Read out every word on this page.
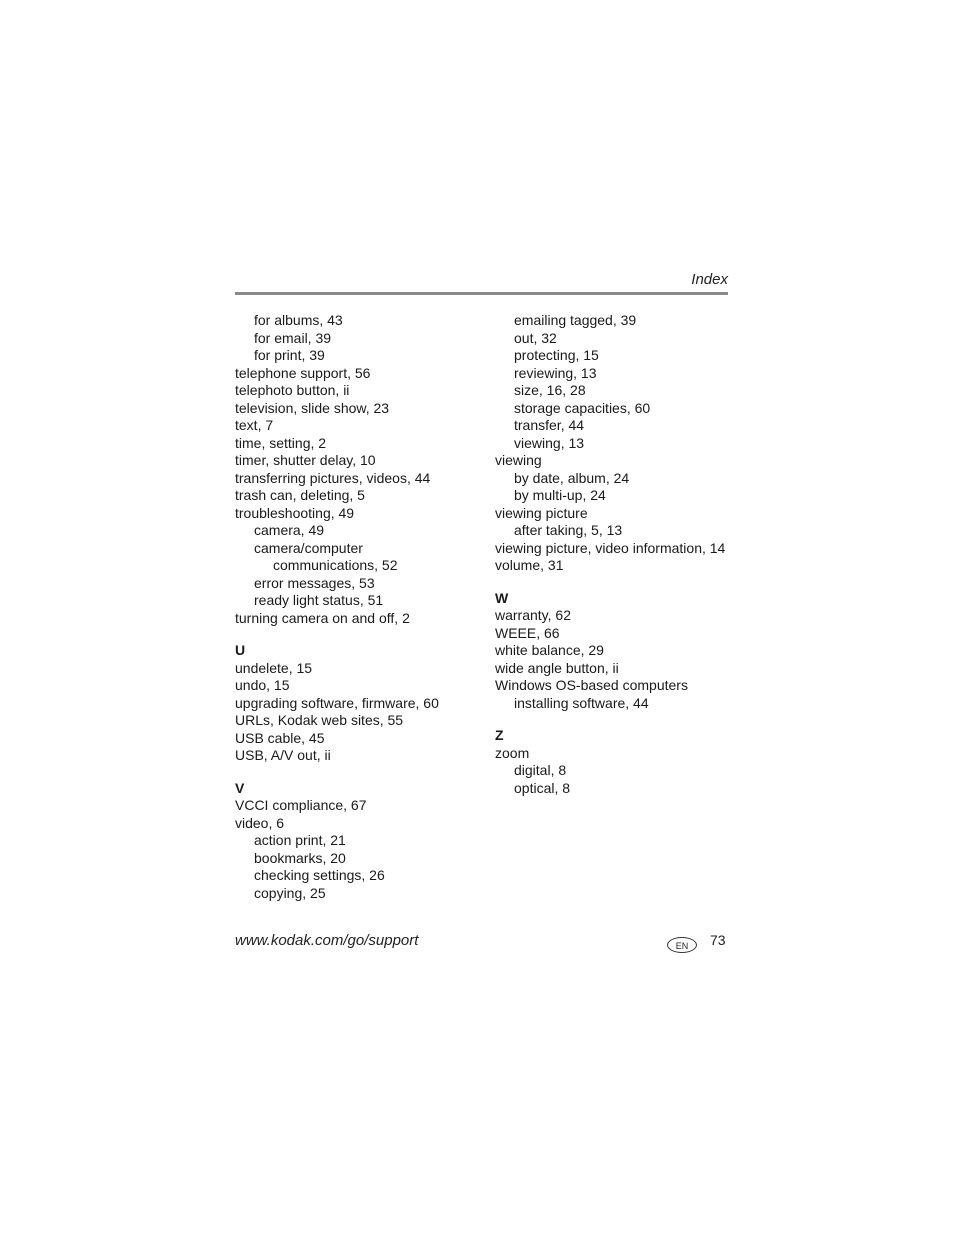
Index
for albums, 43
for email, 39
for print, 39
telephone support, 56
telephoto button, ii
television, slide show, 23
text, 7
time, setting, 2
timer, shutter delay, 10
transferring pictures, videos, 44
trash can, deleting, 5
troubleshooting, 49
camera, 49
camera/computer
communications, 52
error messages, 53
ready light status, 51
turning camera on and off, 2
U
undelete, 15
undo, 15
upgrading software, firmware, 60
URLs, Kodak web sites, 55
USB cable, 45
USB, A/V out, ii
V
VCCI compliance, 67
video, 6
action print, 21
bookmarks, 20
checking settings, 26
copying, 25
emailing tagged, 39
out, 32
protecting, 15
reviewing, 13
size, 16, 28
storage capacities, 60
transfer, 44
viewing, 13
viewing
by date, album, 24
by multi-up, 24
viewing picture
after taking, 5, 13
viewing picture, video information, 14
volume, 31
W
warranty, 62
WEEE, 66
white balance, 29
wide angle button, ii
Windows OS-based computers
installing software, 44
Z
zoom
digital, 8
optical, 8
www.kodak.com/go/support	EN	73
